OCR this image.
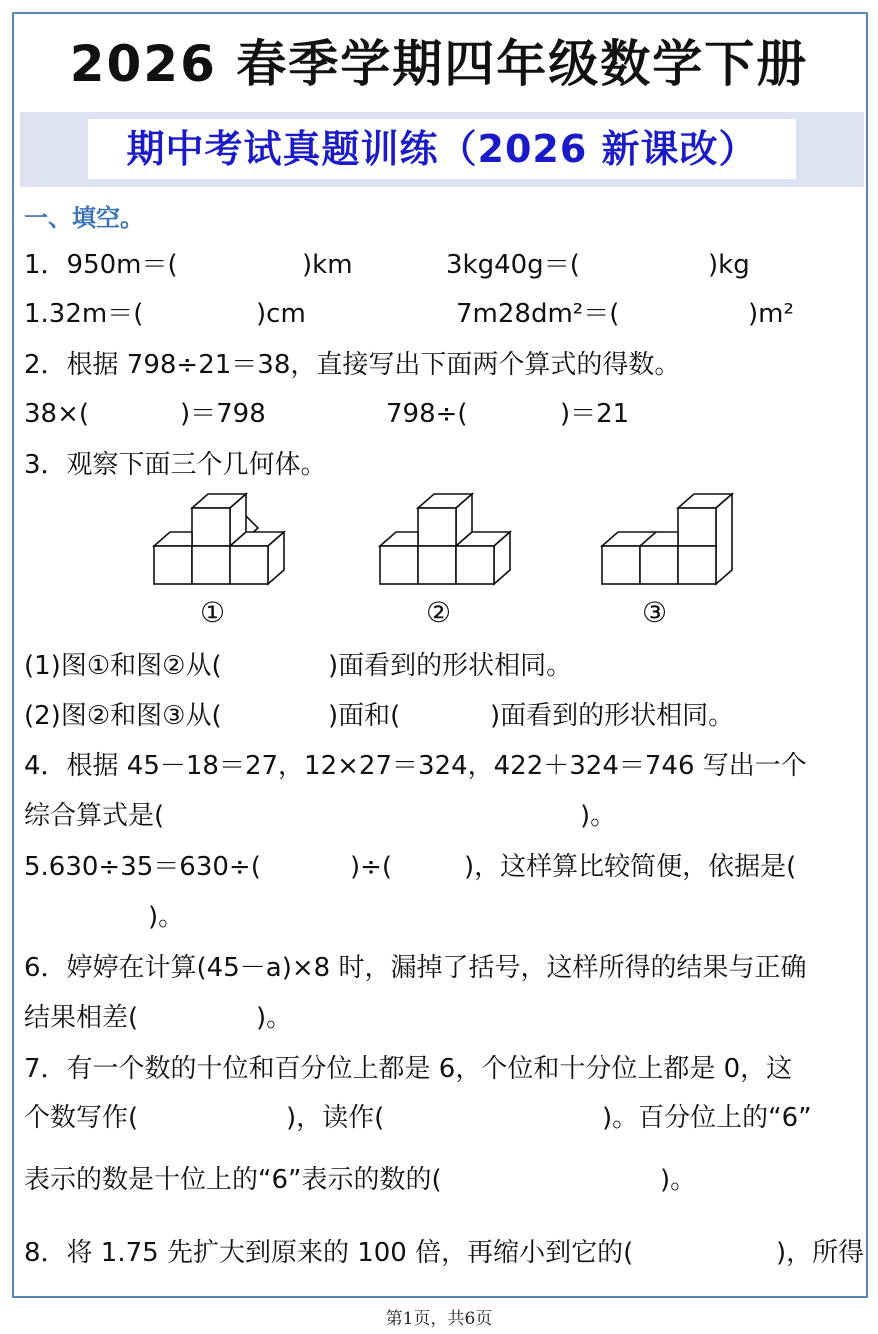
2026 春季学期四年级数学下册
期中考试真题训练（2026 新课改）
一、填空。
1．950m＝(	)km	3kg40g＝(	)kg
1.32m＝(	)cm	7m28dm²＝(	)m²
2．根据 798÷21＝38，直接写出下面两个算式的得数。
38×(	)＝798	798÷(	)＝21
3．观察下面三个几何体。
①	②	③
(1)图①和图②从(	)面看到的形状相同。
(2)图②和图③从(	)面和(	)面看到的形状相同。
4．根据 45－18＝27，12×27＝324，422＋324＝746 写出一个
综合算式是(	)。
5.630÷35＝630÷(	)÷(	)，这样算比较简便，依据是(
)。
6．婷婷在计算(45－a)×8 时，漏掉了括号，这样所得的结果与正确
结果相差(	)。
7．有一个数的十位和百分位上都是 6，个位和十分位上都是 0，这
个数写作(	)，读作(	)。百分位上的“6”
表示的数是十位上的“6”表示的数的(	)。
8．将 1.75 先扩大到原来的 100 倍，再缩小到它的(	)，所得
第1页，共6页
